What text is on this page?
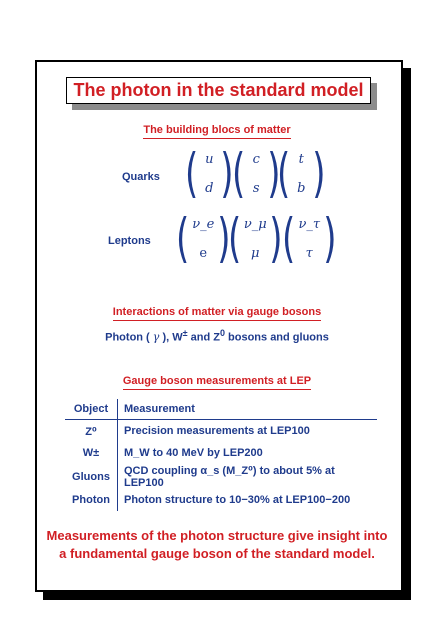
The photon in the standard model
The building blocs of matter
Quarks ( u
d )
( c
s )
( t
b )
Leptons ( ν_e
e )
( ν_μ
μ ) ( ν_τ
τ )
Interactions of matter via gauge bosons
Photon ( γ ), W± and $Z^0$ bosons and gluons
Gauge boson measurements at LEP
Object	Measurement
Z⁰	Precision measurements at LEP100
W±	M_W to 40 MeV by LEP200
Gluons	QCD coupling α_s (M_Z⁰) to about 5% at LEP100
Photon	Photon structure to 10−30% at LEP100−200
Measurements of the photon structure give insight into
a fundamental gauge boson of the standard model.
